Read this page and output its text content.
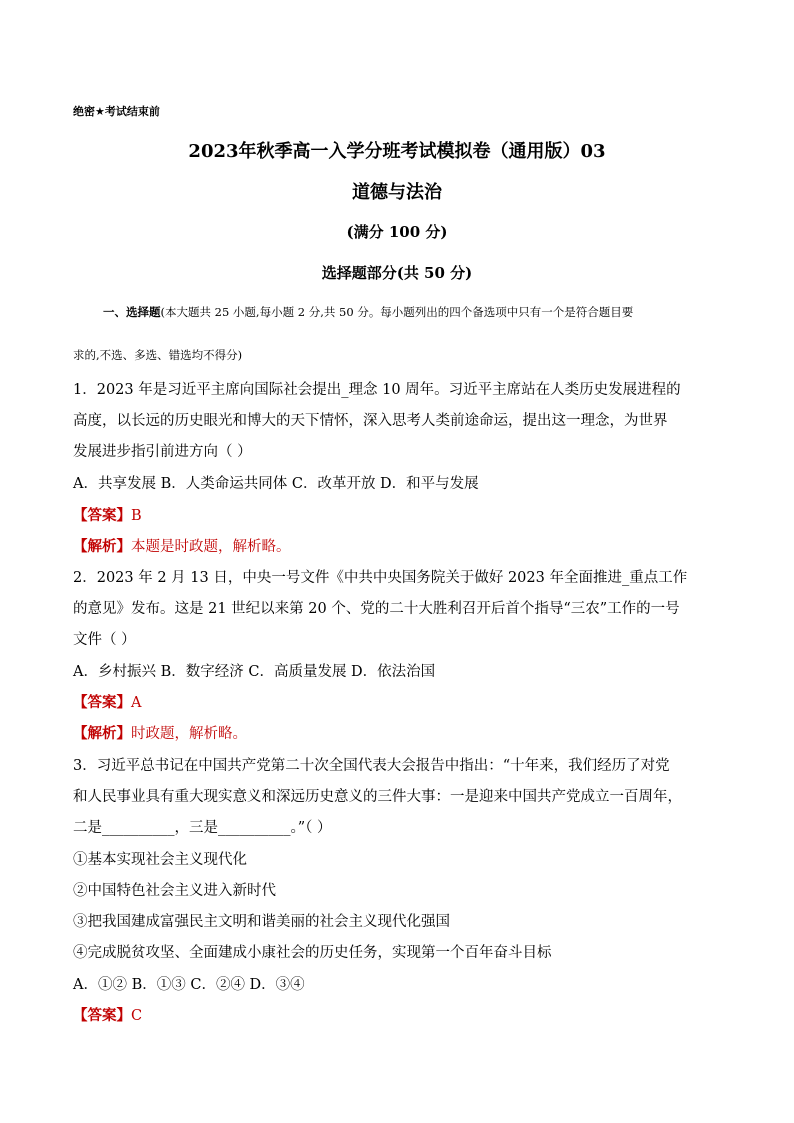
绝密★考试结束前
2023年秋季高一入学分班考试模拟卷（通用版）03
道德与法治
(满分 100 分)
选择题部分(共 50 分)
一、选择题(本大题共 25 小题,每小题 2 分,共 50 分。每小题列出的四个备选项中只有一个是符合题目要
求的,不选、多选、错选均不得分)
1．2023 年是习近平主席向国际社会提出_理念 10 周年。习近平主席站在人类历史发展进程的
高度，以长远的历史眼光和博大的天下情怀，深入思考人类前途命运，提出这一理念，为世界
发展进步指引前进方向（ ）
A．共享发展 B．人类命运共同体 C．改革开放 D．和平与发展
【答案】B
【解析】本题是时政题，解析略。
2．2023 年 2 月 13 日，中央一号文件《中共中央国务院关于做好 2023 年全面推进_重点工作
的意见》发布。这是 21 世纪以来第 20 个、党的二十大胜利召开后首个指导“三农”工作的一号
文件（ ）
A．乡村振兴 B．数字经济 C．高质量发展 D．依法治国
【答案】A
【解析】时政题，解析略。
3．习近平总书记在中国共产党第二十次全国代表大会报告中指出：“十年来，我们经历了对党
和人民事业具有重大现实意义和深远历史意义的三件大事：一是迎来中国共产党成立一百周年，
二是__________，三是__________。”（ ）
①基本实现社会主义现代化
②中国特色社会主义进入新时代
③把我国建成富强民主文明和谐美丽的社会主义现代化强国
④完成脱贫攻坚、全面建成小康社会的历史任务，实现第一个百年奋斗目标
A．①② B．①③ C．②④ D．③④
【答案】C
